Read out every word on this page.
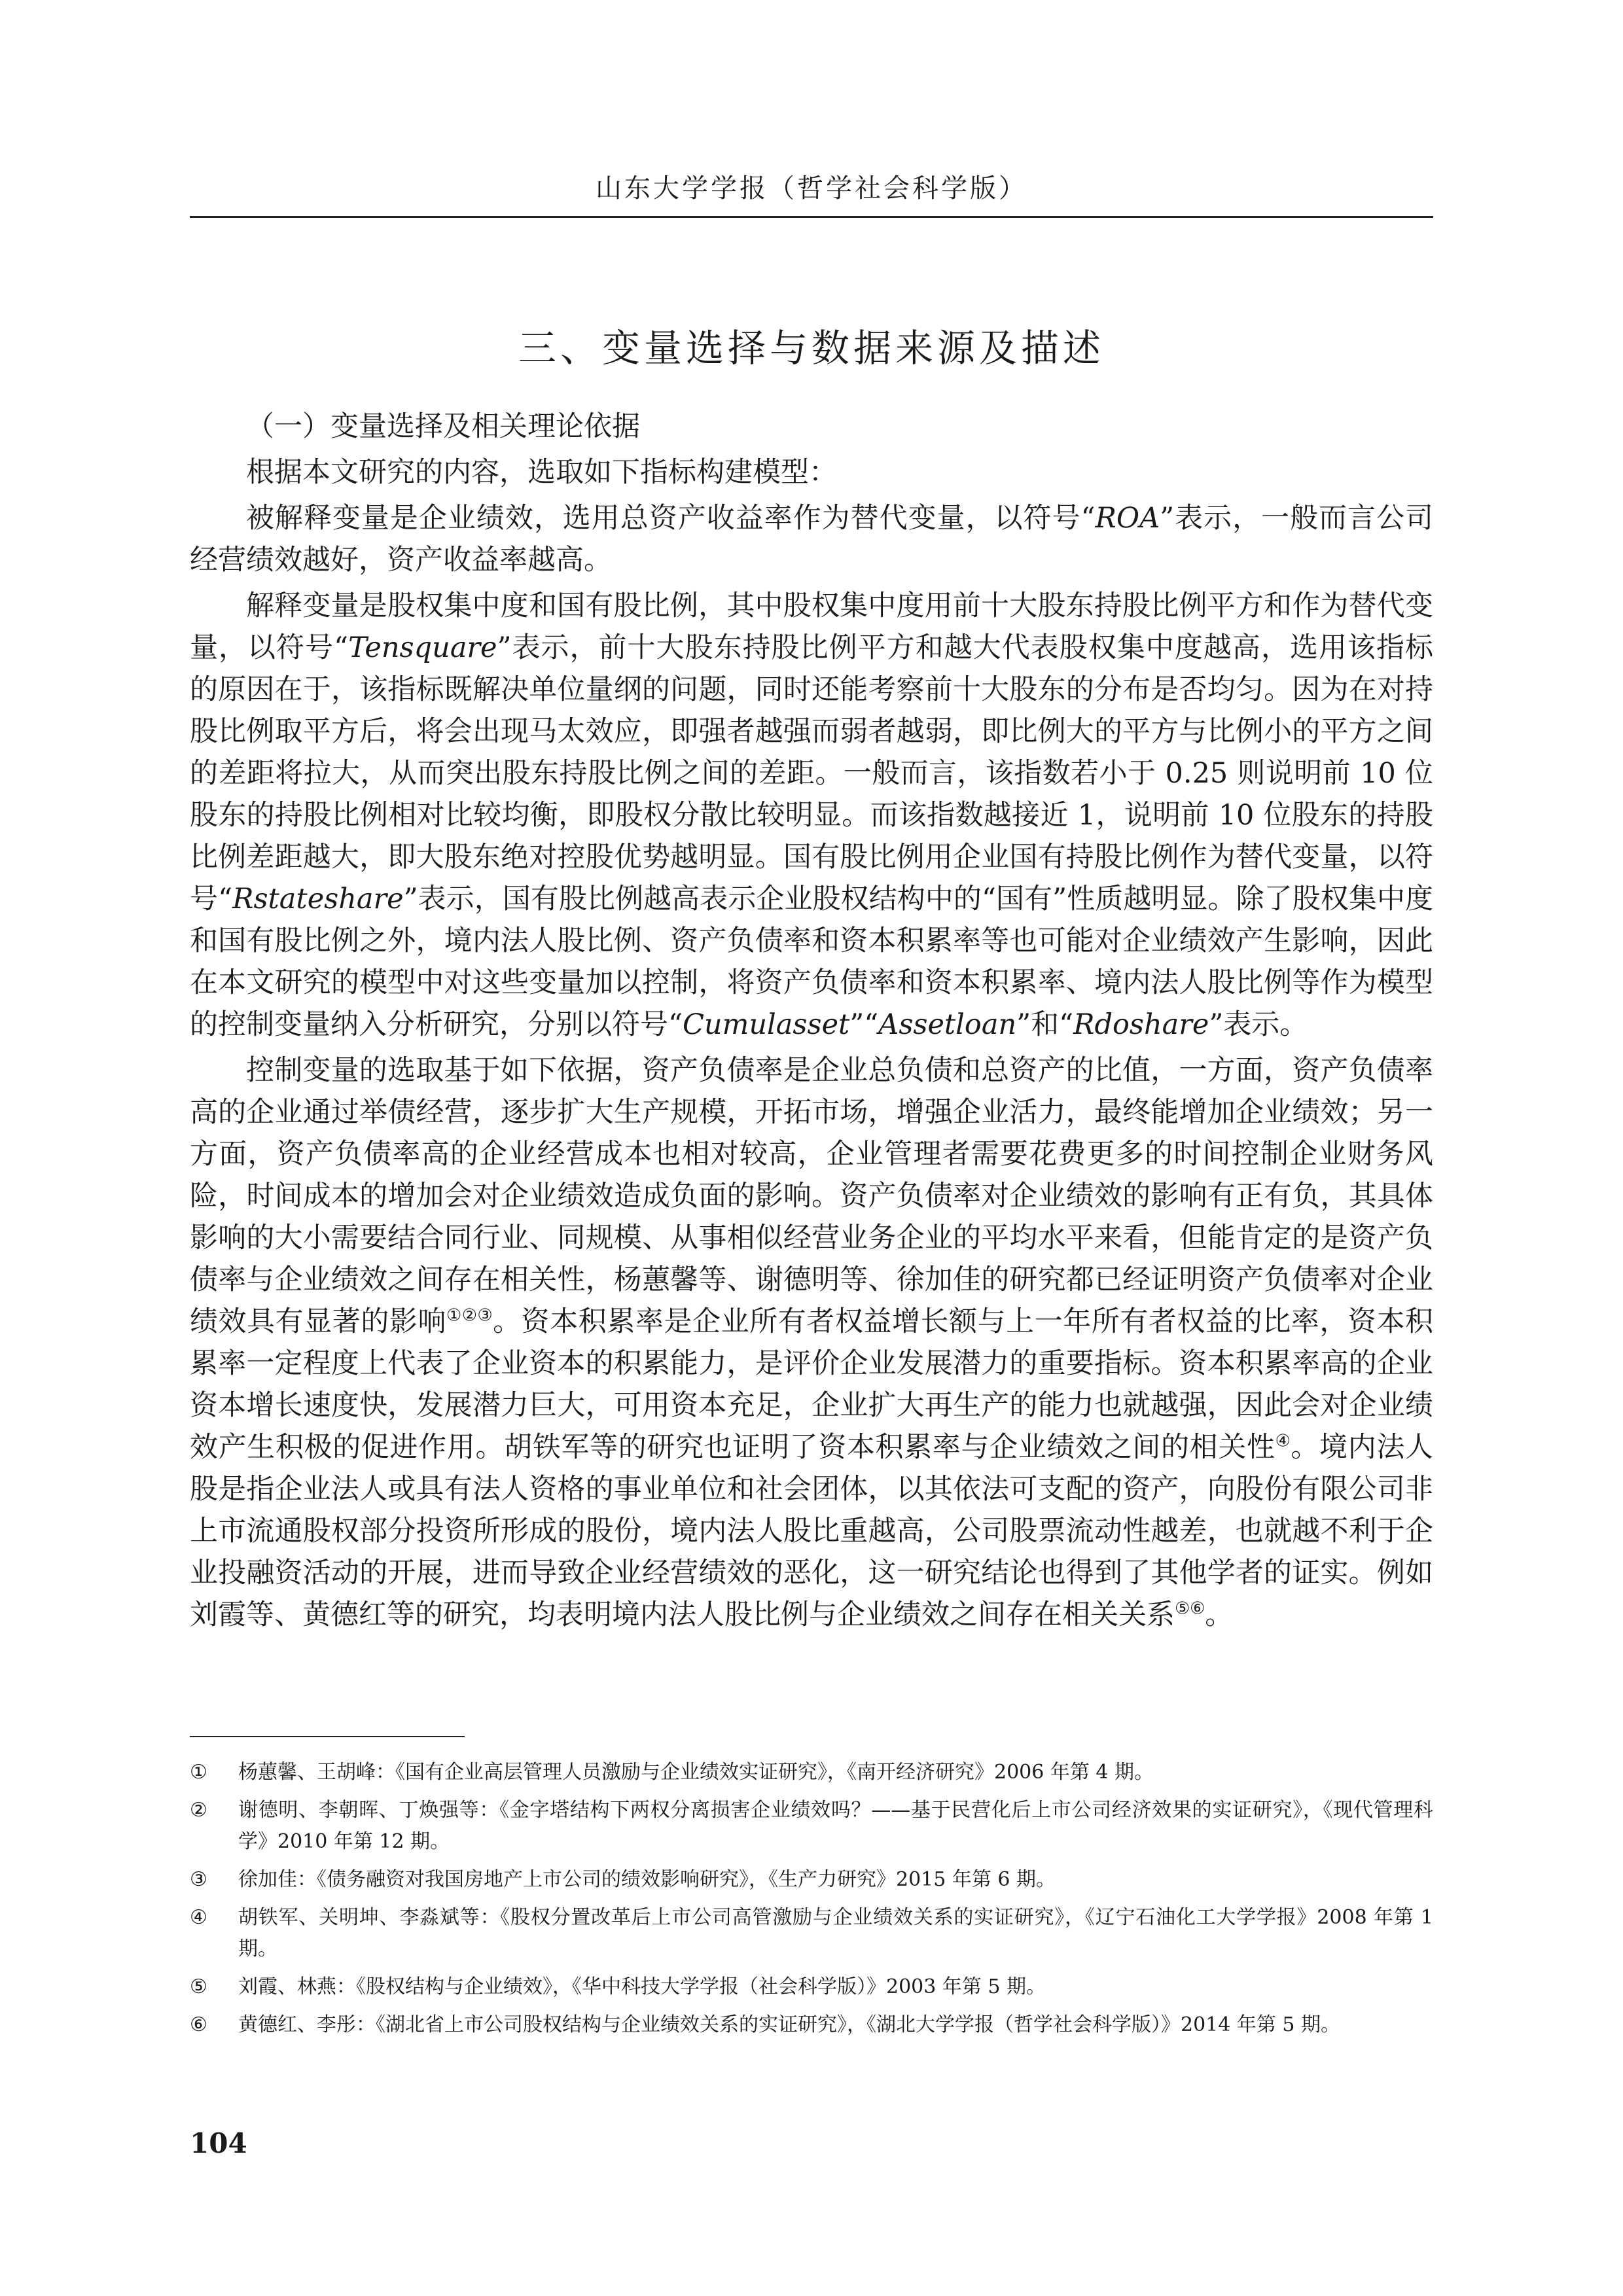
山东大学学报（哲学社会科学版）
三、变量选择与数据来源及描述

（一）变量选择及相关理论依据

根据本文研究的内容，选取如下指标构建模型：

被解释变量是企业绩效，选用总资产收益率作为替代变量，以符号“ROA”表示，一般而言公司经营绩效越好，资产收益率越高。

解释变量是股权集中度和国有股比例，其中股权集中度用前十大股东持股比例平方和作为替代变量，以符号“Tensquare”表示，前十大股东持股比例平方和越大代表股权集中度越高，选用该指标的原因在于，该指标既解决单位量纲的问题，同时还能考察前十大股东的分布是否均匀。因为在对持股比例取平方后，将会出现马太效应，即强者越强而弱者越弱，即比例大的平方与比例小的平方之间的差距将拉大，从而突出股东持股比例之间的差距。一般而言，该指数若小于 0.25 则说明前 10 位股东的持股比例相对比较均衡，即股权分散比较明显。而该指数越接近 1，说明前 10 位股东的持股比例差距越大，即大股东绝对控股优势越明显。国有股比例用企业国有持股比例作为替代变量，以符号“Rstateshare”表示，国有股比例越高表示企业股权结构中的“国有”性质越明显。除了股权集中度和国有股比例之外，境内法人股比例、资产负债率和资本积累率等也可能对企业绩效产生影响，因此在本文研究的模型中对这些变量加以控制，将资产负债率和资本积累率、境内法人股比例等作为模型的控制变量纳入分析研究，分别以符号“Cumulasset”“Assetloan”和“Rdoshare”表示。

控制变量的选取基于如下依据，资产负债率是企业总负债和总资产的比值，一方面，资产负债率高的企业通过举债经营，逐步扩大生产规模，开拓市场，增强企业活力，最终能增加企业绩效；另一方面，资产负债率高的企业经营成本也相对较高，企业管理者需要花费更多的时间控制企业财务风险，时间成本的增加会对企业绩效造成负面的影响。资产负债率对企业绩效的影响有正有负，其具体影响的大小需要结合同行业、同规模、从事相似经营业务企业的平均水平来看，但能肯定的是资产负债率与企业绩效之间存在相关性，杨蕙馨等、谢德明等、徐加佳的研究都已经证明资产负债率对企业绩效具有显著的影响①②③。资本积累率是企业所有者权益增长额与上一年所有者权益的比率，资本积累率一定程度上代表了企业资本的积累能力，是评价企业发展潜力的重要指标。资本积累率高的企业资本增长速度快，发展潜力巨大，可用资本充足，企业扩大再生产的能力也就越强，因此会对企业绩效产生积极的促进作用。胡铁军等的研究也证明了资本积累率与企业绩效之间的相关性④。境内法人股是指企业法人或具有法人资格的事业单位和社会团体，以其依法可支配的资产，向股份有限公司非上市流通股权部分投资所形成的股份，境内法人股比重越高，公司股票流动性越差，也就越不利于企业投融资活动的开展，进而导致企业经营绩效的恶化，这一研究结论也得到了其他学者的证实。例如刘霞等、黄德红等的研究，均表明境内法人股比例与企业绩效之间存在相关关系⑤⑥。

①	杨蕙馨、王胡峰：《国有企业高层管理人员激励与企业绩效实证研究》，《南开经济研究》2006 年第 4 期。
②	谢德明、李朝晖、丁焕强等：《金字塔结构下两权分离损害企业绩效吗？——基于民营化后上市公司经济效果的实证研究》，《现代管理科学》2010 年第 12 期。
③	徐加佳：《债务融资对我国房地产上市公司的绩效影响研究》，《生产力研究》2015 年第 6 期。
④	胡铁军、关明坤、李淼斌等：《股权分置改革后上市公司高管激励与企业绩效关系的实证研究》，《辽宁石油化工大学学报》2008 年第 1 期。
⑤	刘霞、林燕：《股权结构与企业绩效》，《华中科技大学学报（社会科学版）》2003 年第 5 期。
⑥	黄德红、李彤：《湖北省上市公司股权结构与企业绩效关系的实证研究》，《湖北大学学报（哲学社会科学版）》2014 年第 5 期。
104
